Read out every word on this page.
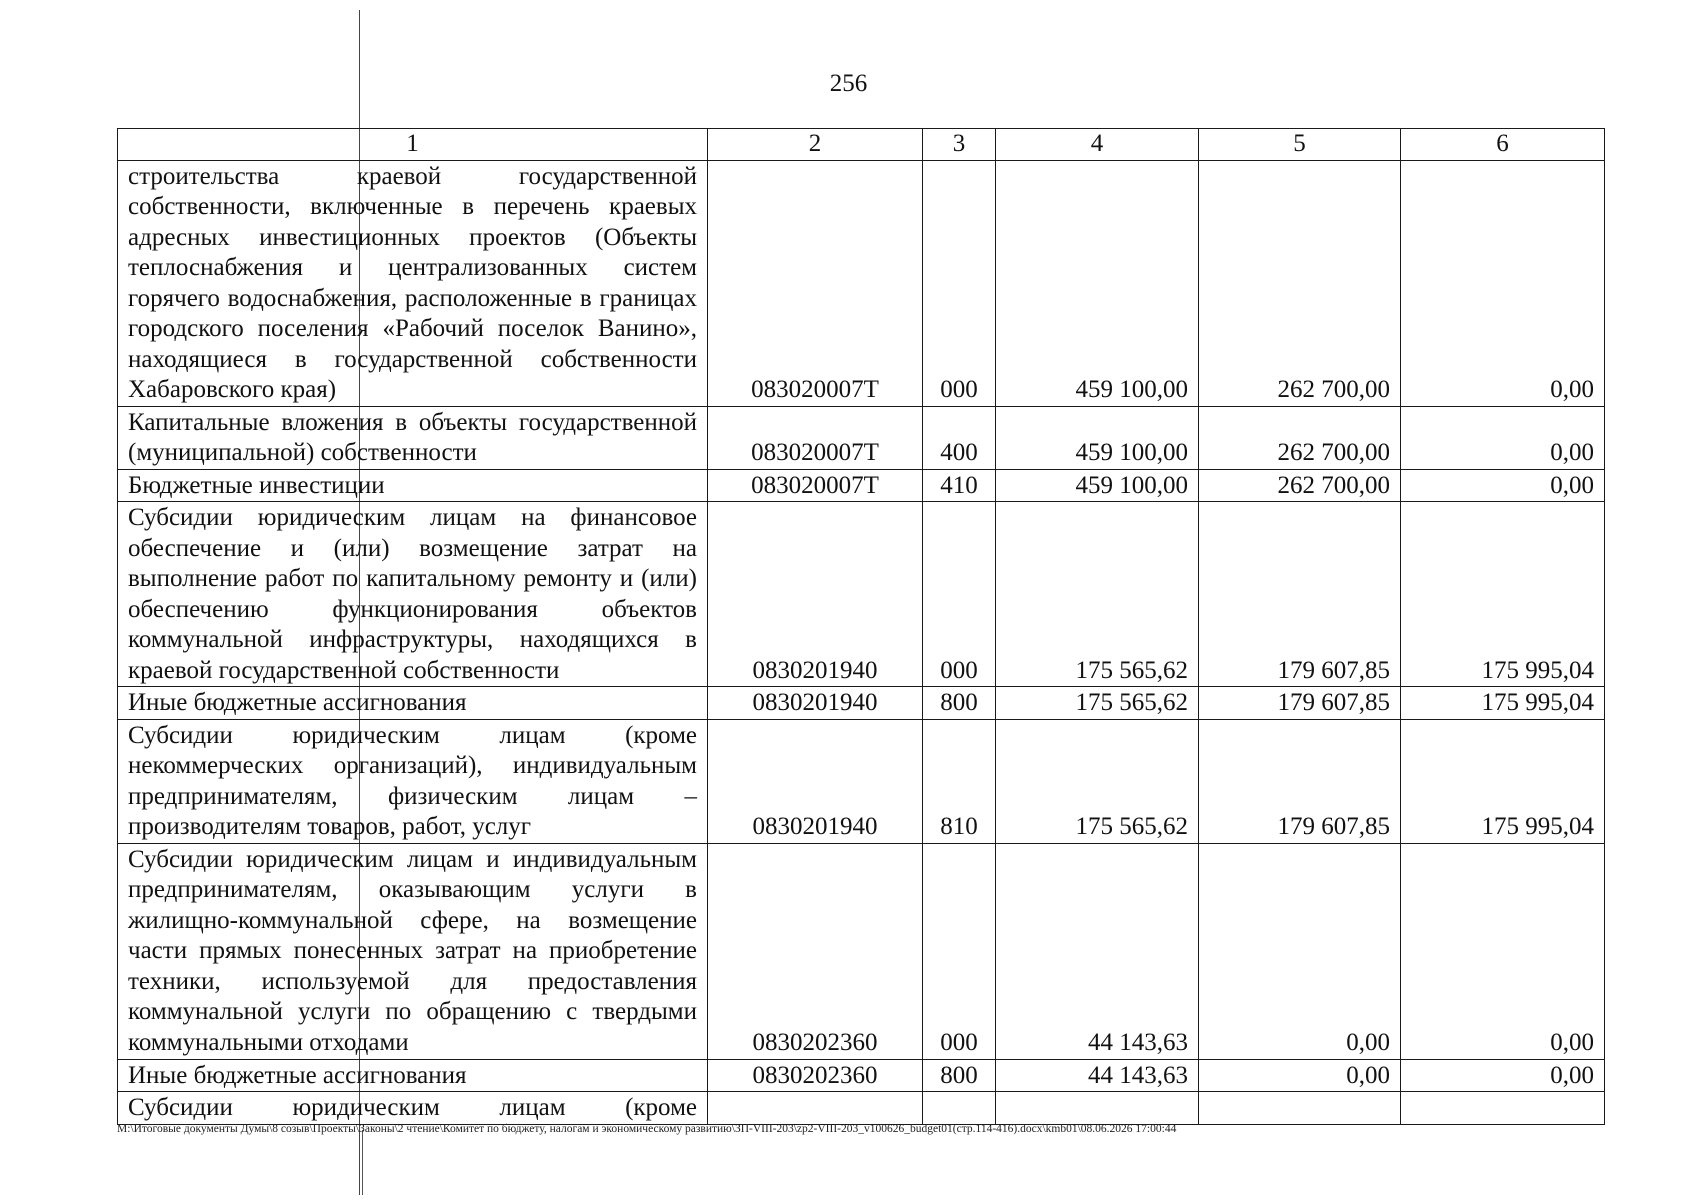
256
1	2	3	4	5	6
строительства краевой государственной собственности, включенные в перечень краевых адресных инвестиционных проектов (Объекты теплоснабжения и централизованных систем горячего водоснабжения, расположенные в границах городского поселения «Рабочий поселок Ванино», находящиеся в государственной собственности Хабаровского края)	083020007Т	000	459 100,00	262 700,00	0,00
Капитальные вложения в объекты государственной (муниципальной) собственности	083020007Т	400	459 100,00	262 700,00	0,00
Бюджетные инвестиции	083020007Т	410	459 100,00	262 700,00	0,00
Субсидии юридическим лицам на финансовое обеспечение и (или) возмещение затрат на выполнение работ по капитальному ремонту и (или) обеспечению функционирования объектов коммунальной инфраструктуры, находящихся в краевой государственной собственности	0830201940	000	175 565,62	179 607,85	175 995,04
Иные бюджетные ассигнования	0830201940	800	175 565,62	179 607,85	175 995,04
Субсидии юридическим лицам (кроме некоммерческих организаций), индивидуальным предпринимателям, физическим лицам – производителям товаров, работ, услуг	0830201940	810	175 565,62	179 607,85	175 995,04
Субсидии юридическим лицам и индивидуальным предпринимателям, оказывающим услуги в жилищно-коммунальной сфере, на возмещение части прямых понесенных затрат на приобретение техники, используемой для предоставления коммунальной услуги по обращению с твердыми коммунальными отходами	0830202360	000	44 143,63	0,00	0,00
Иные бюджетные ассигнования	0830202360	800	44 143,63	0,00	0,00
Субсидии юридическим лицам (кроме					
М:\Итоговые документы Думы\8 созыв\Проекты\Законы\2 чтение\Комитет по бюджету, налогам и экономическому развитию\ЗП-VIII-203\zp2-VIII-203_v100626_budget01(стр.114-416).docx\kmb01\08.06.2026 17:00:44
